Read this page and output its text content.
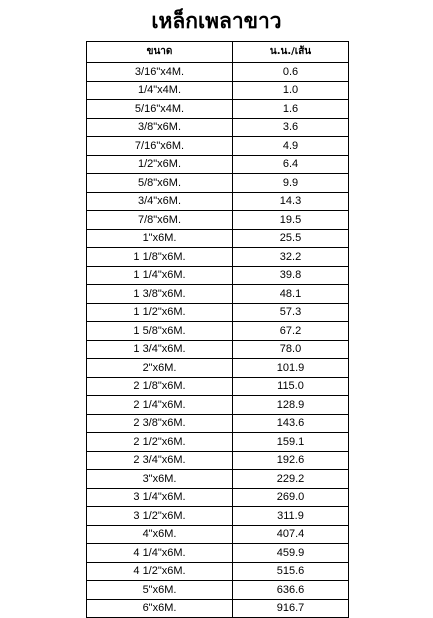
เหล็กเพลาขาว
ขนาด	น.น./เส้น
3/16"x4M.	0.6
1/4"x4M.	1.0
5/16"x4M.	1.6
3/8"x6M.	3.6
7/16"x6M.	4.9
1/2"x6M.	6.4
5/8"x6M.	9.9
3/4"x6M.	14.3
7/8"x6M.	19.5
1"x6M.	25.5
1 1/8"x6M.	32.2
1 1/4"x6M.	39.8
1 3/8"x6M.	48.1
1 1/2"x6M.	57.3
1 5/8"x6M.	67.2
1 3/4"x6M.	78.0
2"x6M.	101.9
2 1/8"x6M.	115.0
2 1/4"x6M.	128.9
2 3/8"x6M.	143.6
2 1/2"x6M.	159.1
2 3/4"x6M.	192.6
3"x6M.	229.2
3 1/4"x6M.	269.0
3 1/2"x6M.	311.9
4"x6M.	407.4
4 1/4"x6M.	459.9
4 1/2"x6M.	515.6
5"x6M.	636.6
6"x6M.	916.7
